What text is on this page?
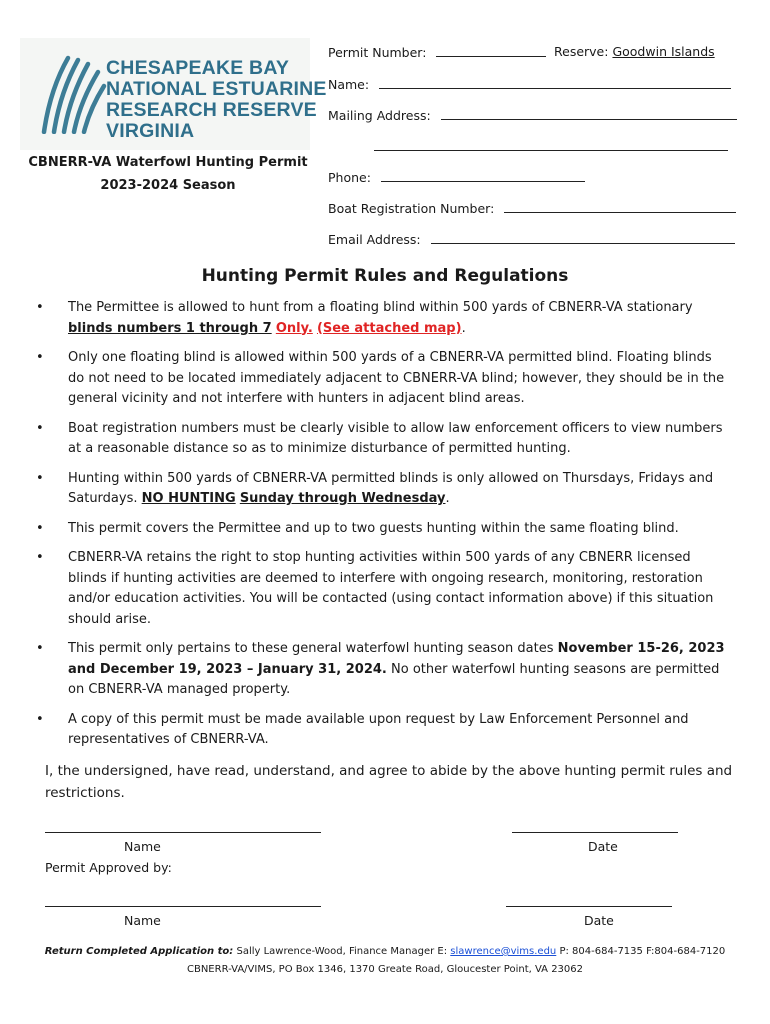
CHESAPEAKE BAY
NATIONAL ESTUARINE
RESEARCH RESERVE
VIRGINIA
CBNERR-VA Waterfowl Hunting Permit
2023-2024 Season
Permit Number:	Reserve: Goodwin Islands
Name:
Mailing Address:
Phone:
Boat Registration Number:
Email Address:
Hunting Permit Rules and Regulations
• The Permittee is allowed to hunt from a floating blind within 500 yards of CBNERR-VA stationary blinds numbers 1 through 7 Only. (See attached map).
• Only one floating blind is allowed within 500 yards of a CBNERR-VA permitted blind. Floating blinds do not need to be located immediately adjacent to CBNERR-VA blind; however, they should be in the general vicinity and not interfere with hunters in adjacent blind areas.
• Boat registration numbers must be clearly visible to allow law enforcement officers to view numbers at a reasonable distance so as to minimize disturbance of permitted hunting.
• Hunting within 500 yards of CBNERR-VA permitted blinds is only allowed on Thursdays, Fridays and Saturdays. NO HUNTING Sunday through Wednesday.
• This permit covers the Permittee and up to two guests hunting within the same floating blind.
• CBNERR-VA retains the right to stop hunting activities within 500 yards of any CBNERR licensed blinds if hunting activities are deemed to interfere with ongoing research, monitoring, restoration and/or education activities. You will be contacted (using contact information above) if this situation should arise.
• This permit only pertains to these general waterfowl hunting season dates November 15-26, 2023 and December 19, 2023 – January 31, 2024. No other waterfowl hunting seasons are permitted on CBNERR-VA managed property.
• A copy of this permit must be made available upon request by Law Enforcement Personnel and representatives of CBNERR-VA.
I, the undersigned, have read, understand, and agree to abide by the above hunting permit rules and restrictions.
Name	Date
Permit Approved by:
Name	Date
Return Completed Application to: Sally Lawrence-Wood, Finance Manager E: slawrence@vims.edu P: 804-684-7135 F:804-684-7120
CBNERR-VA/VIMS, PO Box 1346, 1370 Greate Road, Gloucester Point, VA 23062
